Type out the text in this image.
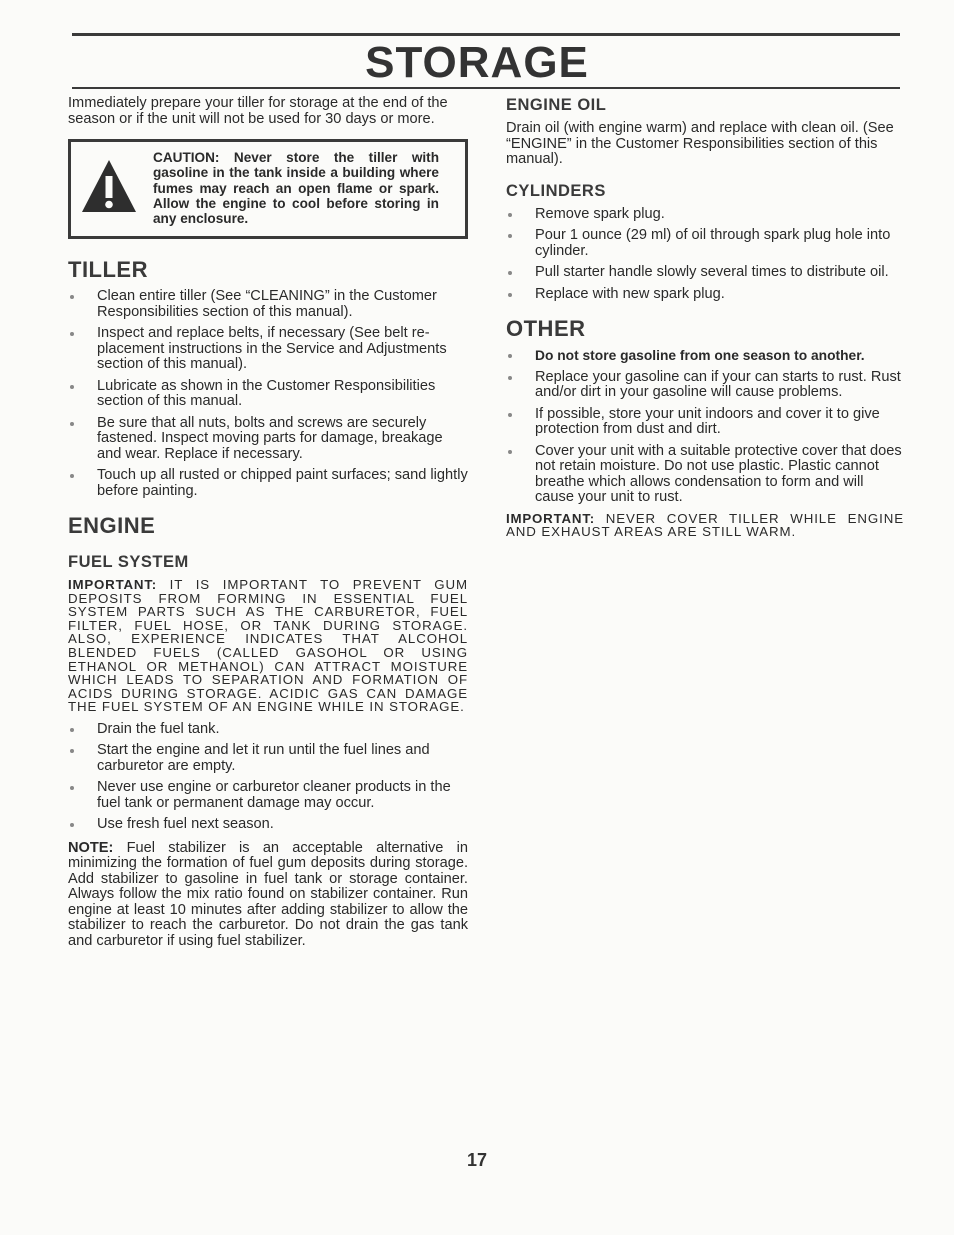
STORAGE

Immediately prepare your tiller for storage at the end of the season or if the unit will not be used for 30 days or more.

CAUTION: Never store the tiller with gasoline in the tank inside a building where fumes may reach an open flame or spark. Allow the engine to cool before storing in any enclosure.

TILLER
Clean entire tiller (See “CLEANING” in the Customer Responsibilities section of this manual).
Inspect and replace belts, if necessary (See belt re-placement instructions in the Service and Adjustments section of this manual).
Lubricate as shown in the Customer Responsibilities section of this manual.
Be sure that all nuts, bolts and screws are securely fastened. Inspect moving parts for damage, breakage and wear. Replace if necessary.
Touch up all rusted or chipped paint surfaces; sand lightly before painting.
ENGINE
FUEL SYSTEM

IMPORTANT: IT IS IMPORTANT TO PREVENT GUM DEPOSITS FROM FORMING IN ESSENTIAL FUEL SYSTEM PARTS SUCH AS THE CARBURETOR, FUEL FILTER, FUEL HOSE, OR TANK DURING STORAGE. ALSO, EXPERIENCE INDICATES THAT ALCOHOL BLENDED FUELS (CALLED GASOHOL OR USING ETHANOL OR METHANOL) CAN ATTRACT MOISTURE WHICH LEADS TO SEPARATION AND FORMATION OF ACIDS DURING STORAGE. ACIDIC GAS CAN DAMAGE THE FUEL SYSTEM OF AN ENGINE WHILE IN STORAGE.

Drain the fuel tank.
Start the engine and let it run until the fuel lines and carburetor are empty.
Never use engine or carburetor cleaner products in the fuel tank or permanent damage may occur.
Use fresh fuel next season.

NOTE: Fuel stabilizer is an acceptable alternative in minimizing the formation of fuel gum deposits during storage. Add stabilizer to gasoline in fuel tank or storage container. Always follow the mix ratio found on stabilizer container. Run engine at least 10 minutes after adding stabilizer to allow the stabilizer to reach the carburetor. Do not drain the gas tank and carburetor if using fuel stabilizer.

ENGINE OIL

Drain oil (with engine warm) and replace with clean oil. (See “ENGINE” in the Customer Responsibilities section of this manual).

CYLINDERS
Remove spark plug.
Pour 1 ounce (29 ml) of oil through spark plug hole into cylinder.
Pull starter handle slowly several times to distribute oil.
Replace with new spark plug.
OTHER
Do not store gasoline from one season to another.
Replace your gasoline can if your can starts to rust. Rust and/or dirt in your gasoline will cause problems.
If possible, store your unit indoors and cover it to give protection from dust and dirt.
Cover your unit with a suitable protective cover that does not retain moisture. Do not use plastic. Plastic cannot breathe which allows condensation to form and will cause your unit to rust.

IMPORTANT: NEVER COVER TILLER WHILE ENGINE AND EXHAUST AREAS ARE STILL WARM.

17
